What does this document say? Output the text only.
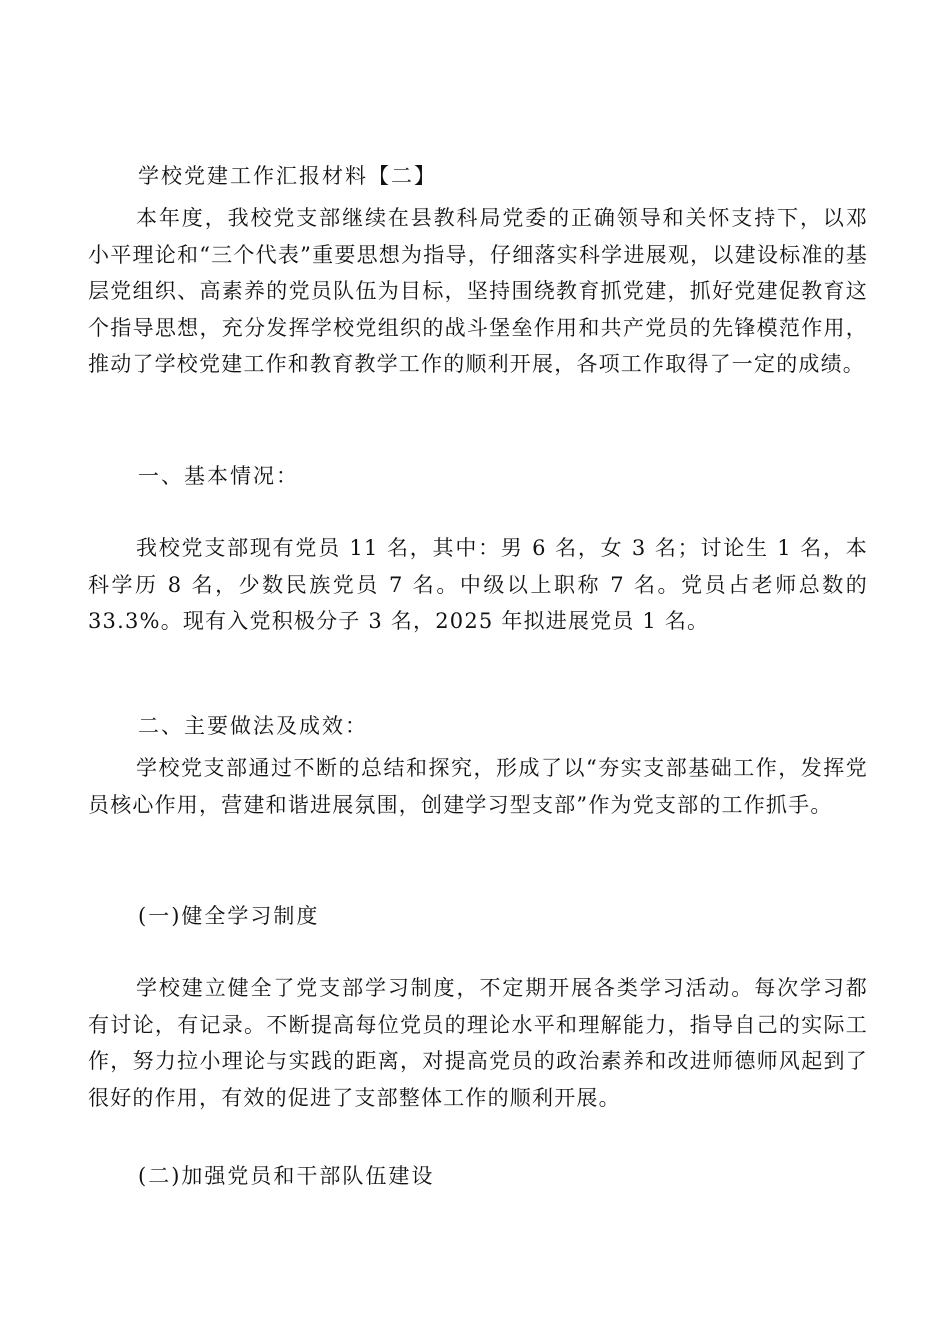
学校党建工作汇报材料【二】

本年度，我校党支部继续在县教科局党委的正确领导和关怀支持下，以邓小平理论和“三个代表”重要思想为指导，仔细落实科学进展观，以建设标准的基层党组织、高素养的党员队伍为目标，坚持围绕教育抓党建，抓好党建促教育这个指导思想，充分发挥学校党组织的战斗堡垒作用和共产党员的先锋模范作用，推动了学校党建工作和教育教学工作的顺利开展，各项工作取得了一定的成绩。

一、基本情况：

我校党支部现有党员 11 名，其中：男 6 名，女 3 名；讨论生 1 名，本科学历 8 名，少数民族党员 7 名。中级以上职称 7 名。党员占老师总数的 33.3%。现有入党积极分子 3 名，2025 年拟进展党员 1 名。

二、主要做法及成效：

学校党支部通过不断的总结和探究，形成了以“夯实支部基础工作，发挥党员核心作用，营建和谐进展氛围，创建学习型支部”作为党支部的工作抓手。

(一)健全学习制度

学校建立健全了党支部学习制度，不定期开展各类学习活动。每次学习都有讨论，有记录。不断提高每位党员的理论水平和理解能力，指导自己的实际工作，努力拉小理论与实践的距离，对提高党员的政治素养和改进师德师风起到了很好的作用，有效的促进了支部整体工作的顺利开展。

(二)加强党员和干部队伍建设
